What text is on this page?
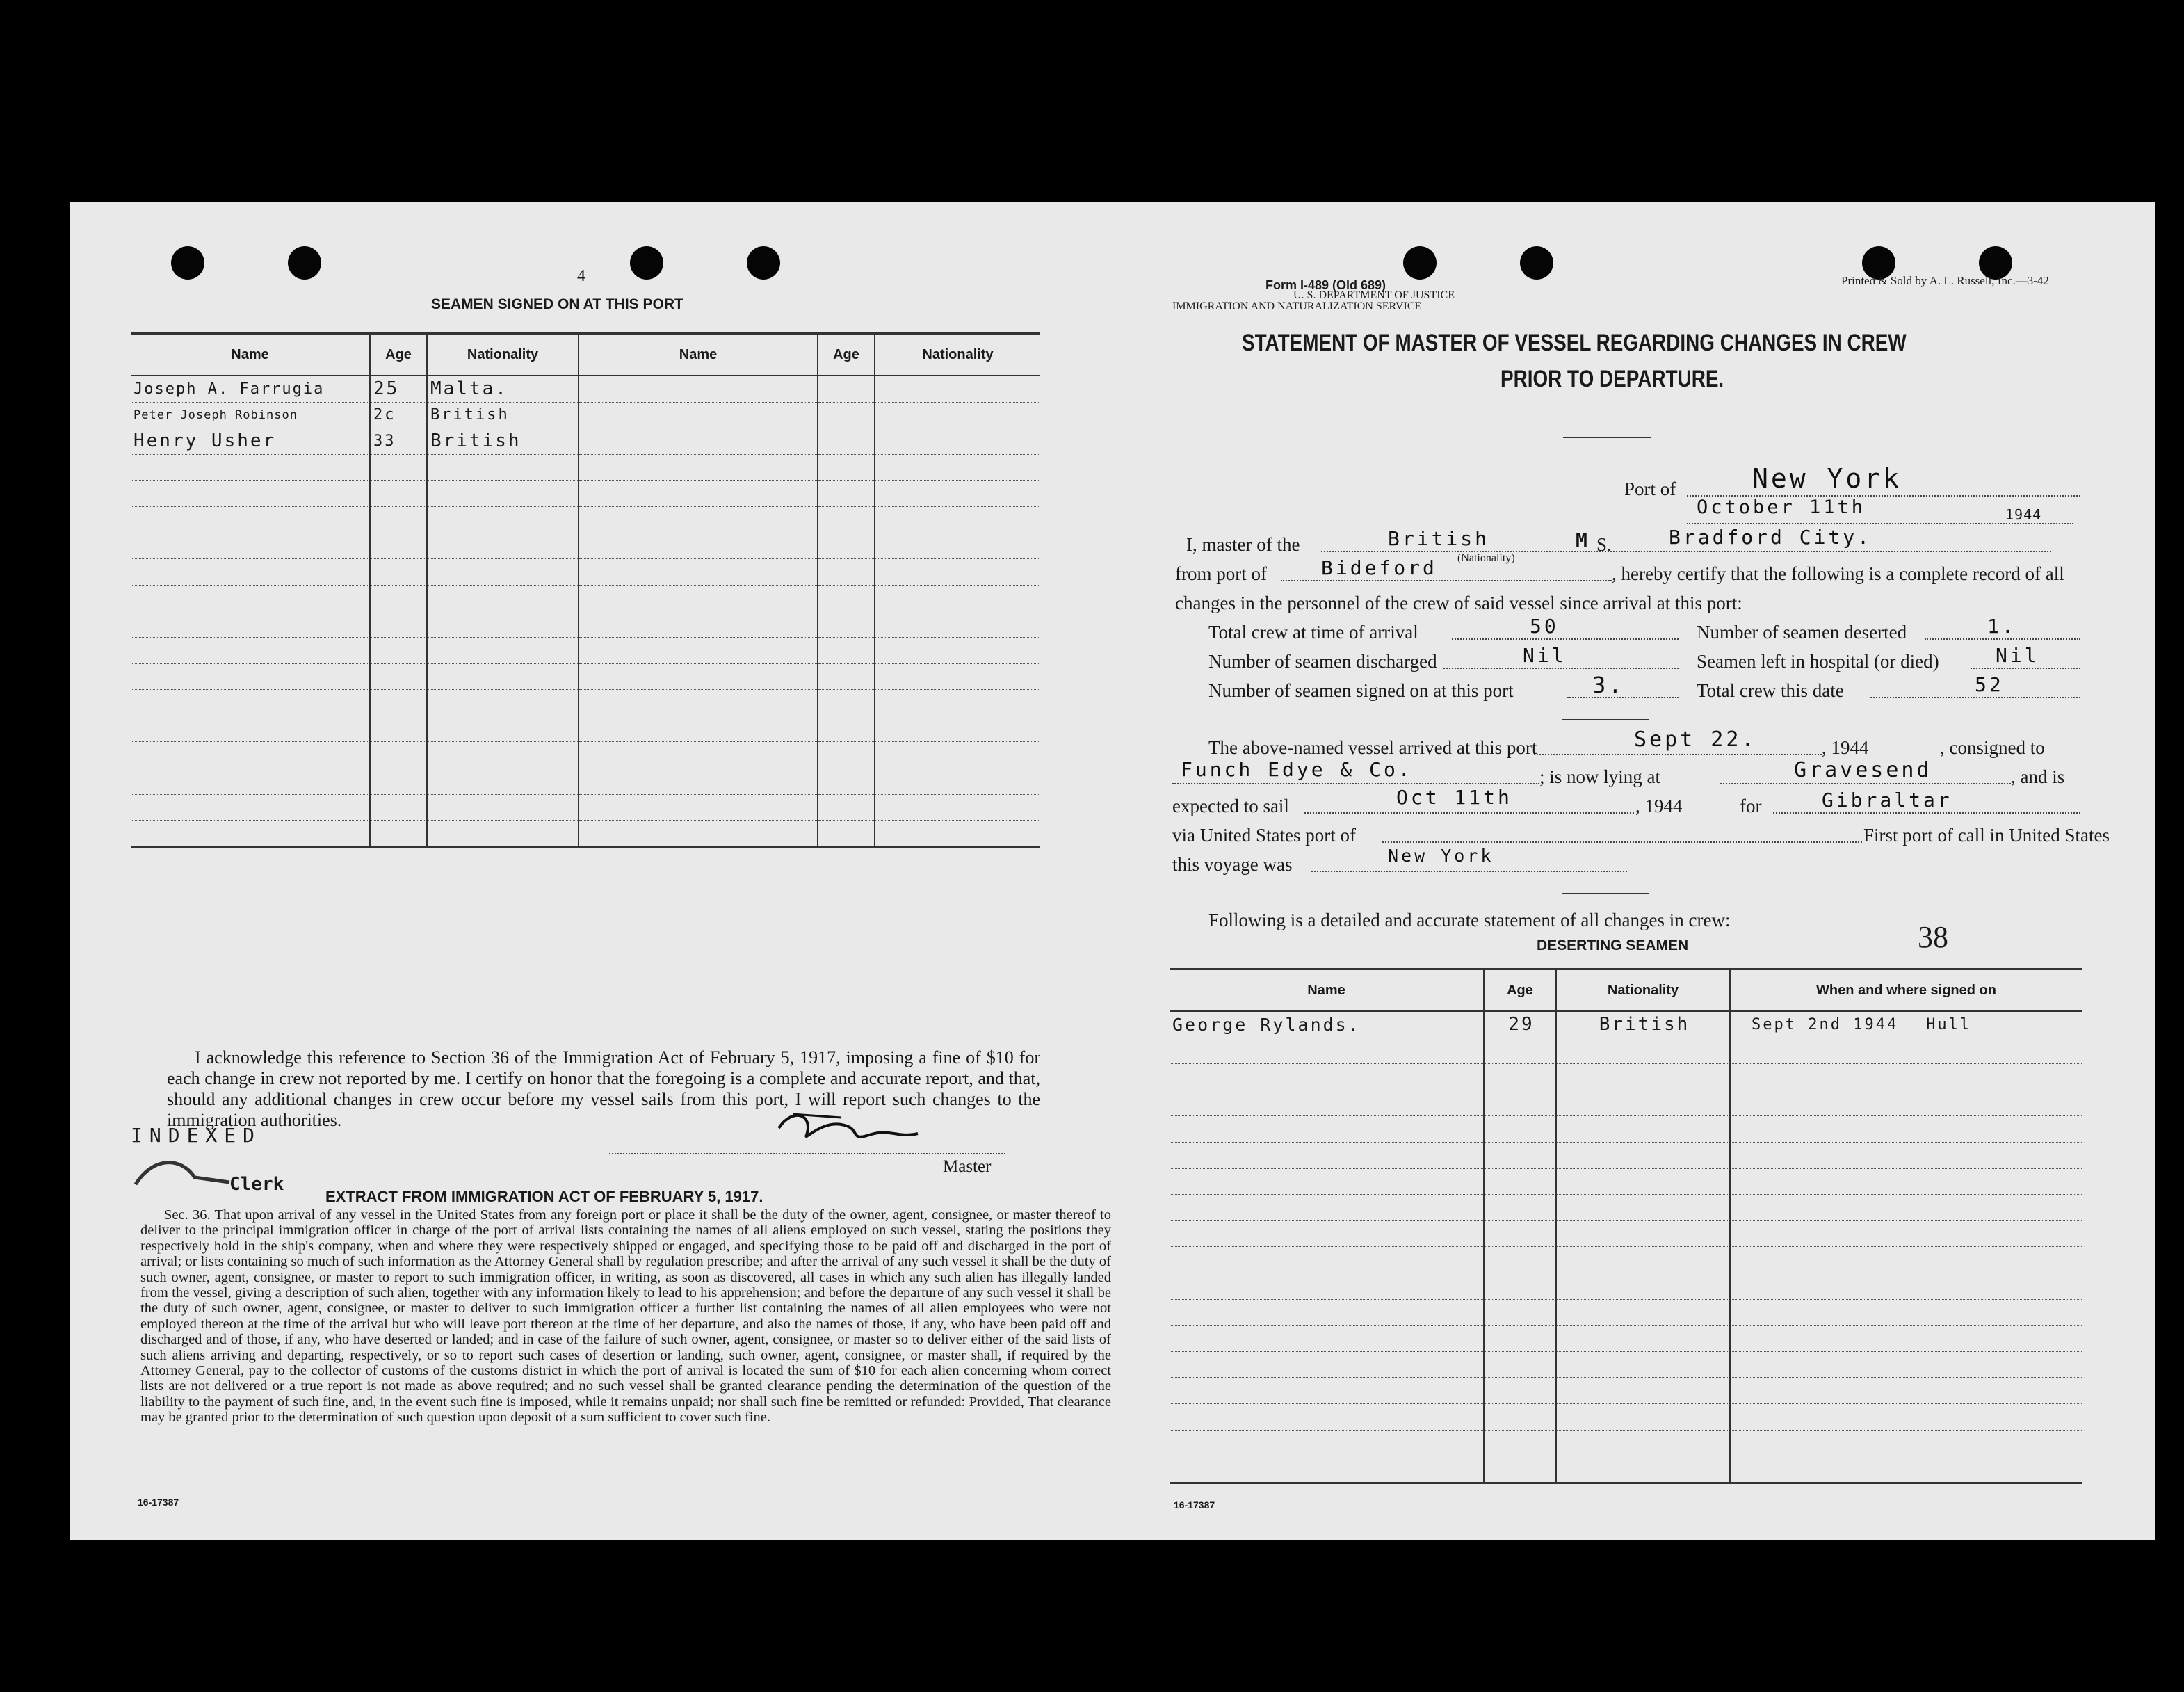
4
SEAMEN SIGNED ON AT THIS PORT
Name	Age	Nationality	Name	Age	Nationality
Joseph A. Farrugia	25	Malta.			
Peter Joseph Robinson	2c	British			
Henry Usher	33	British			

I acknowledge this reference to Section 36 of the Immigration Act of February 5, 1917, imposing a fine of $10 for each change in crew not reported by me. I certify on honor that the foregoing is a complete and accurate report, and that, should any additional changes in crew occur before my vessel sails from this port, I will report such changes to the immigration authorities.
INDEXED
Master
Clerk
EXTRACT FROM IMMIGRATION ACT OF FEBRUARY 5, 1917.
Sec. 36. That upon arrival of any vessel in the United States from any foreign port or place it shall be the duty of the owner, agent, consignee, or master thereof to deliver to the principal immigration officer in charge of the port of arrival lists containing the names of all aliens employed on such vessel, stating the positions they respectively hold in the ship's company, when and where they were respectively shipped or engaged, and specifying those to be paid off and discharged in the port of arrival; or lists containing so much of such information as the Attorney General shall by regulation prescribe; and after the arrival of any such vessel it shall be the duty of such owner, agent, consignee, or master to report to such immigration officer, in writing, as soon as discovered, all cases in which any such alien has illegally landed from the vessel, giving a description of such alien, together with any information likely to lead to his apprehension; and before the departure of any such vessel it shall be the duty of such owner, agent, consignee, or master to deliver to such immigration officer a further list containing the names of all alien employees who were not employed thereon at the time of the arrival but who will leave port thereon at the time of her departure, and also the names of those, if any, who have been paid off and discharged and of those, if any, who have deserted or landed; and in case of the failure of such owner, agent, consignee, or master so to deliver either of the said lists of such aliens arriving and departing, respectively, or so to report such cases of desertion or landing, such owner, agent, consignee, or master shall, if required by the Attorney General, pay to the collector of customs of the customs district in which the port of arrival is located the sum of $10 for each alien concerning whom correct lists are not delivered or a true report is not made as above required; and no such vessel shall be granted clearance pending the determination of the question of the liability to the payment of such fine, and, in the event such fine is imposed, while it remains unpaid; nor shall such fine be remitted or refunded: Provided, That clearance may be granted prior to the determination of such question upon deposit of a sum sufficient to cover such fine.
16-17387
Form I-489 (Old 689)
U. S. DEPARTMENT OF JUSTICE
IMMIGRATION AND NATURALIZATION SERVICE
Printed & Sold by A. L. Russell, Inc.—3-42
STATEMENT OF MASTER OF VESSEL REGARDING CHANGES IN CREW
PRIOR TO DEPARTURE.
Port of	New York
October 11th	1944
I, master of the	British	M S.	Bradford City.
from port of	Bideford (Nationality)
, hereby certify that the following is a complete record of all
changes in the personnel of the crew of said vessel since arrival at this port:
Total crew at time of arrival	50	Number of seamen deserted	1.
Number of seamen discharged	Nil	Seamen left in hospital (or died)	Nil
Number of seamen signed on at this port	3.	Total crew this date	52
The above-named vessel arrived at this port	Sept 22.	, 1944	, consigned to
Funch Edye & Co.	; is now lying at	Gravesend	, and is
expected to sail	Oct 11th	, 1944	for	Gibraltar
via United States port of	First port of call in United States
this voyage was	New York
Following is a detailed and accurate statement of all changes in crew:	38
DESERTING SEAMEN
Name	Age	Nationality	When and where signed on
George Rylands.	29	British	Sept 2nd 1944 Hull

16-17387
